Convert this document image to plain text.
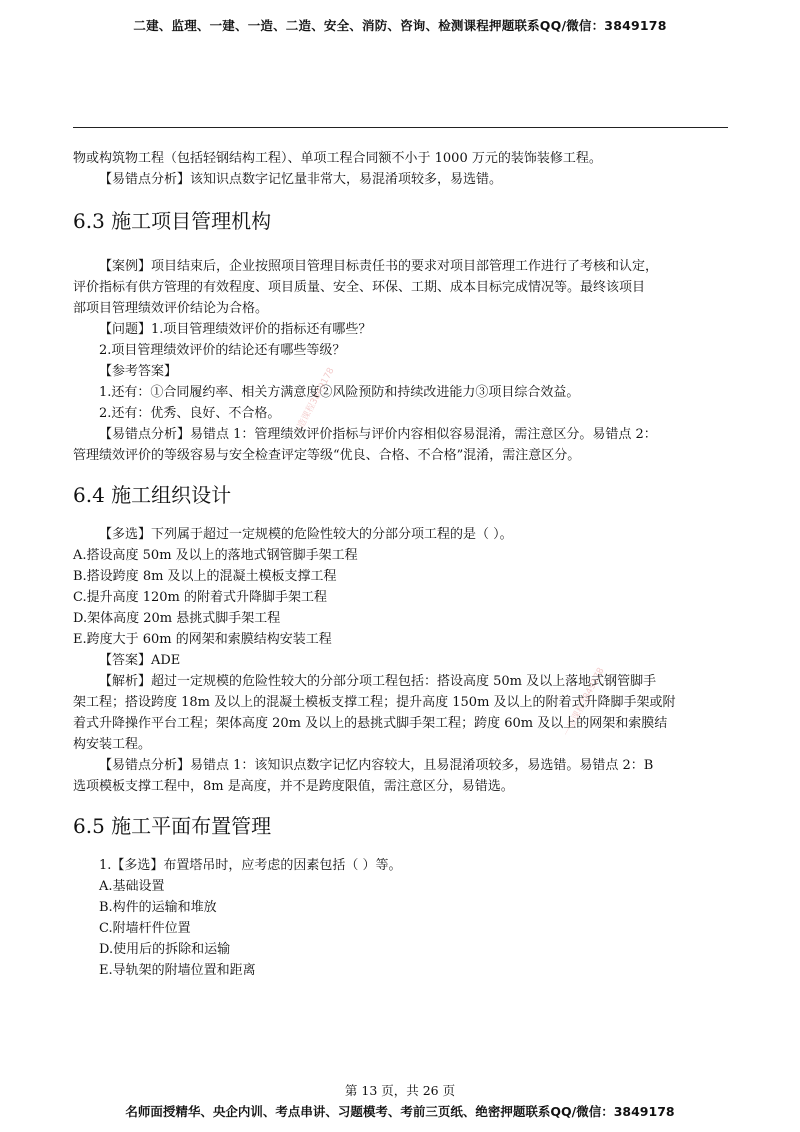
二建、监理、一建、一造、二造、安全、消防、咨询、检测课程押题联系QQ/微信：3849178
一造课程3849178
一造课程3849178

物或构筑物工程（包括轻钢结构工程）、单项工程合同额不小于 1000 万元的装饰装修工程。

【易错点分析】该知识点数字记忆量非常大，易混淆项较多，易选错。

6.3 施工项目管理机构

【案例】项目结束后，企业按照项目管理目标责任书的要求对项目部管理工作进行了考核和认定，

评价指标有供方管理的有效程度、项目质量、安全、环保、工期、成本目标完成情况等。最终该项目

部项目管理绩效评价结论为合格。

【问题】1.项目管理绩效评价的指标还有哪些？

2.项目管理绩效评价的结论还有哪些等级？

【参考答案】

1.还有：①合同履约率、相关方满意度②风险预防和持续改进能力③项目综合效益。

2.还有：优秀、良好、不合格。

【易错点分析】易错点 1：管理绩效评价指标与评价内容相似容易混淆，需注意区分。易错点 2：

管理绩效评价的等级容易与安全检查评定等级“优良、合格、不合格”混淆，需注意区分。

6.4 施工组织设计

【多选】下列属于超过一定规模的危险性较大的分部分项工程的是（ ）。

A.搭设高度 50m 及以上的落地式钢管脚手架工程

B.搭设跨度 8m 及以上的混凝土模板支撑工程

C.提升高度 120m 的附着式升降脚手架工程

D.架体高度 20m 悬挑式脚手架工程

E.跨度大于 60m 的网架和索膜结构安装工程

【答案】ADE

【解析】超过一定规模的危险性较大的分部分项工程包括：搭设高度 50m 及以上落地式钢管脚手

架工程；搭设跨度 18m 及以上的混凝土模板支撑工程；提升高度 150m 及以上的附着式升降脚手架或附

着式升降操作平台工程；架体高度 20m 及以上的悬挑式脚手架工程；跨度 60m 及以上的网架和索膜结

构安装工程。

【易错点分析】易错点 1：该知识点数字记忆内容较大，且易混淆项较多，易选错。易错点 2：B

选项模板支撑工程中，8m 是高度，并不是跨度限值，需注意区分，易错选。

6.5 施工平面布置管理

1.【多选】布置塔吊时，应考虑的因素包括（ ）等。

A.基础设置

B.构件的运输和堆放

C.附墙杆件位置

D.使用后的拆除和运输

E.导轨架的附墙位置和距离

第 13 页，共 26 页
名师面授精华、央企内训、考点串讲、习题模考、考前三页纸、绝密押题联系QQ/微信：3849178
